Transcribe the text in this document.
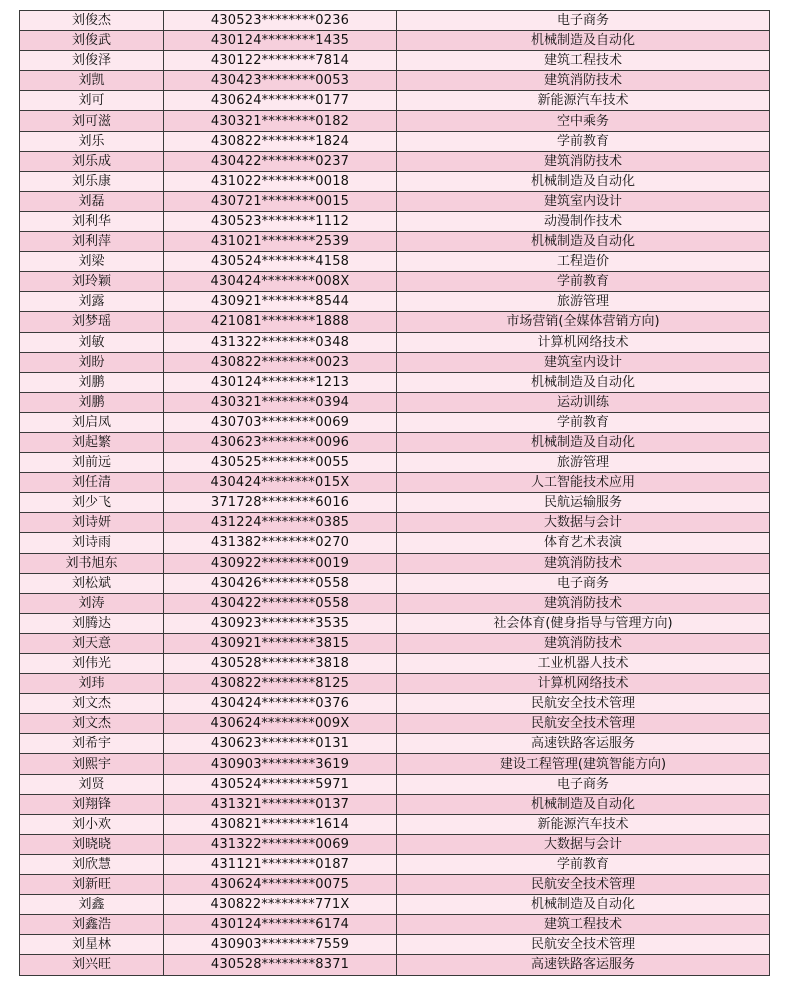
刘俊杰	430523********0236	电子商务
刘俊武	430124********1435	机械制造及自动化
刘俊泽	430122********7814	建筑工程技术
刘凯	430423********0053	建筑消防技术
刘可	430624********0177	新能源汽车技术
刘可滋	430321********0182	空中乘务
刘乐	430822********1824	学前教育
刘乐成	430422********0237	建筑消防技术
刘乐康	431022********0018	机械制造及自动化
刘磊	430721********0015	建筑室内设计
刘利华	430523********1112	动漫制作技术
刘利萍	431021********2539	机械制造及自动化
刘梁	430524********4158	工程造价
刘玲颖	430424********008X	学前教育
刘露	430921********8544	旅游管理
刘梦瑶	421081********1888	市场营销(全媒体营销方向)
刘敏	431322********0348	计算机网络技术
刘盼	430822********0023	建筑室内设计
刘鹏	430124********1213	机械制造及自动化
刘鹏	430321********0394	运动训练
刘启凤	430703********0069	学前教育
刘起繁	430623********0096	机械制造及自动化
刘前远	430525********0055	旅游管理
刘任清	430424********015X	人工智能技术应用
刘少飞	371728********6016	民航运输服务
刘诗妍	431224********0385	大数据与会计
刘诗雨	431382********0270	体育艺术表演
刘书旭东	430922********0019	建筑消防技术
刘松斌	430426********0558	电子商务
刘涛	430422********0558	建筑消防技术
刘腾达	430923********3535	社会体育(健身指导与管理方向)
刘天意	430921********3815	建筑消防技术
刘伟光	430528********3818	工业机器人技术
刘玮	430822********8125	计算机网络技术
刘文杰	430424********0376	民航安全技术管理
刘文杰	430624********009X	民航安全技术管理
刘希宇	430623********0131	高速铁路客运服务
刘熙宇	430903********3619	建设工程管理(建筑智能方向)
刘贤	430524********5971	电子商务
刘翔锋	431321********0137	机械制造及自动化
刘小欢	430821********1614	新能源汽车技术
刘晓晓	431322********0069	大数据与会计
刘欣慧	431121********0187	学前教育
刘新旺	430624********0075	民航安全技术管理
刘鑫	430822********771X	机械制造及自动化
刘鑫浩	430124********6174	建筑工程技术
刘星林	430903********7559	民航安全技术管理
刘兴旺	430528********8371	高速铁路客运服务
